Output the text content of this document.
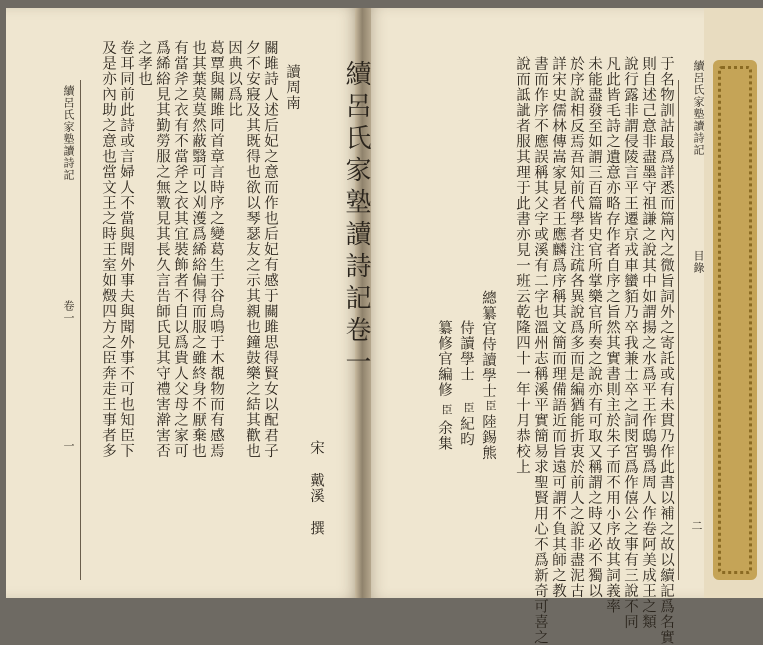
續呂氏家塾讀詩記
目錄
二
于名物訓詁最爲詳悉而篇內之微旨詞外之寄託或有未貫乃作此書以補之故以續記爲名實
則自述己意非盡墨守祖謙之說其中如謂揚之水爲平王作鴟鴞爲周人作卷阿美成王之類
說行露非謂侵陵言平王遷京戎車蠻貊乃卒我兼士卒之詞閔宮爲作僖公之事有三說不同
凡此皆毛詩之遺意亦略存作者自序之旨然其實書則主於朱子而不用小序故其詞義率
未能盡發至如謂三百篇皆史官所掌樂官所奏之說亦有可取又稱謂之時又必不獨以
於序說相反焉吾知前代學者注疏各異說爲多而是編猶能折衷於前人之說非盡泥古
詳宋史儒林傳嵩家見者王應麟爲序稱其文簡而理備語近而旨遠可謂不負其師之教
書而作序不應誤稱其父字或溪有二字也溫州志稱溪平實簡易求聖賢用心不爲新奇可喜之
說而詆訿者服其理于此書亦見一班云乾隆四十一年十月恭校上
總纂官侍讀學士
臣
陸錫熊
侍讀學士
臣
紀昀
纂修官編修
臣
余集
續呂氏家塾讀詩記卷一
宋 戴溪 撰
讀周南
關雎詩人述后妃之意而作也后妃有感于關雎思得賢女以配君子
夕不安寢及其既得也欲以琴瑟友之示其親也鐘鼓樂之結其歡也
因典以爲比
葛覃與關雎同首章言時序之變葛生于谷鳥鳴于木覩物而有感焉
也其葉莫莫然蔽翳可以刈濩爲絺綌偏得而服之雖終身不厭棄也
有當斧之衣有不當斧之衣其宜裝飾者不自以爲貴人父母之家可
爲絺綌見其勤勞服之無斁見其長久言告師氏見其守禮害澣害否
之孝也
卷耳同前此詩或言婦人不當與聞外事夫與聞外事不可也知臣下
及是亦內助之意也當文王之時王室如燬四方之臣奔走王事者多
續呂氏家塾讀詩記
卷一
一
